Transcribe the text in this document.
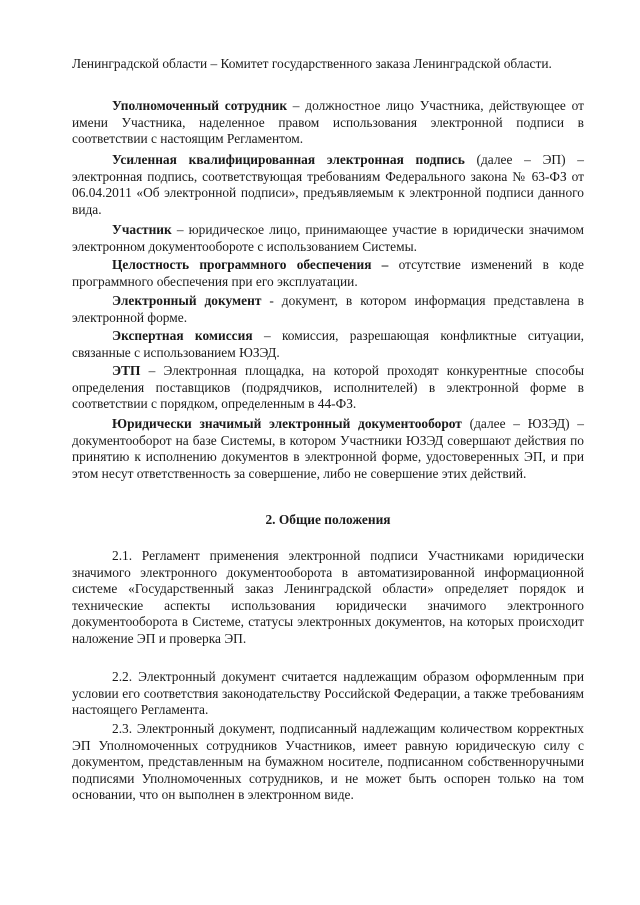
Ленинградской области – Комитет государственного заказа Ленинградской области.

Уполномоченный сотрудник – должностное лицо Участника, действующее от имени Участника, наделенное правом использования электронной подписи в соответствии с настоящим Регламентом.

Усиленная квалифицированная электронная подпись (далее – ЭП) – электронная подпись, соответствующая требованиям Федерального закона № 63-ФЗ от 06.04.2011 «Об электронной подписи», предъявляемым к электронной подписи данного вида.

Участник – юридическое лицо, принимающее участие в юридически значимом электронном документообороте с использованием Системы.

Целостность программного обеспечения – отсутствие изменений в коде программного обеспечения при его эксплуатации.

Электронный документ - документ, в котором информация представлена в электронной форме.

Экспертная комиссия – комиссия, разрешающая конфликтные ситуации, связанные с использованием ЮЗЭД.

ЭТП – Электронная площадка, на которой проходят конкурентные способы определения поставщиков (подрядчиков, исполнителей) в электронной форме в соответствии с порядком, определенным в 44-ФЗ.

Юридически значимый электронный документооборот (далее – ЮЗЭД) – документооборот на базе Системы, в котором Участники ЮЗЭД совершают действия по принятию к исполнению документов в электронной форме, удостоверенных ЭП, и при этом несут ответственность за совершение, либо не совершение этих действий.

2. Общие положения

2.1. Регламент применения электронной подписи Участниками юридически значимого электронного документооборота в автоматизированной информационной системе «Государственный заказ Ленинградской области» определяет порядок и технические аспекты использования юридически значимого электронного документооборота в Системе, статусы электронных документов, на которых происходит наложение ЭП и проверка ЭП.

2.2. Электронный документ считается надлежащим образом оформленным при условии его соответствия законодательству Российской Федерации, а также требованиям настоящего Регламента.

2.3. Электронный документ, подписанный надлежащим количеством корректных ЭП Уполномоченных сотрудников Участников, имеет равную юридическую силу с документом, представленным на бумажном носителе, подписанном собственноручными подписями Уполномоченных сотрудников, и не может быть оспорен только на том основании, что он выполнен в электронном виде.
